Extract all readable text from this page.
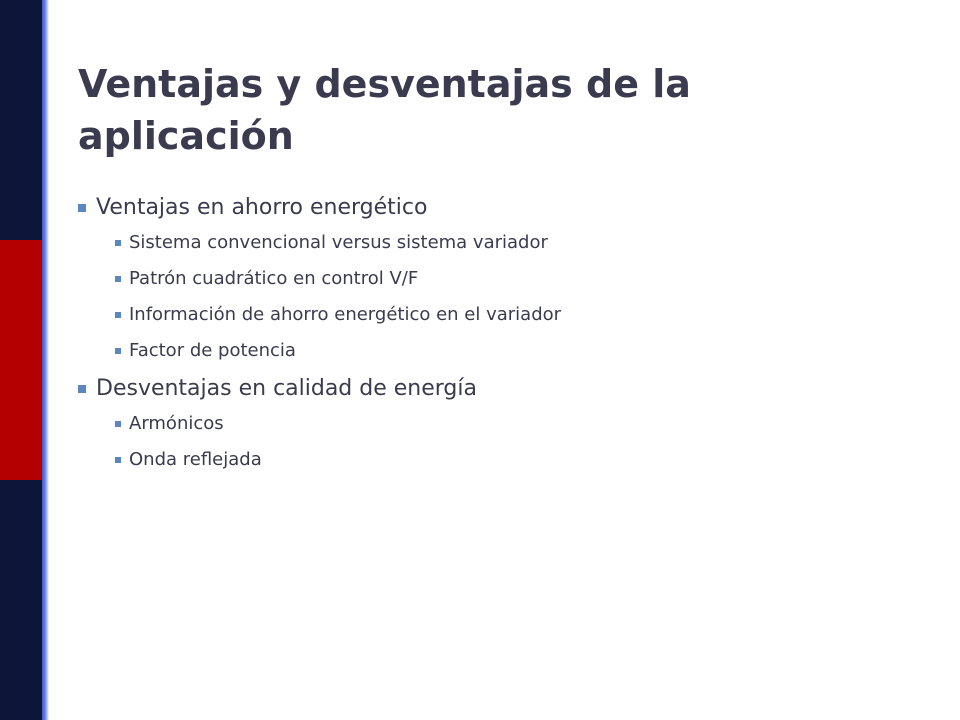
Ventajas y desventajas de la aplicación
Ventajas en ahorro energético
Sistema convencional versus sistema variador
Patrón cuadrático en control V/F
Información de ahorro energético en el variador
Factor de potencia
Desventajas en calidad de energía
Armónicos
Onda reflejada
